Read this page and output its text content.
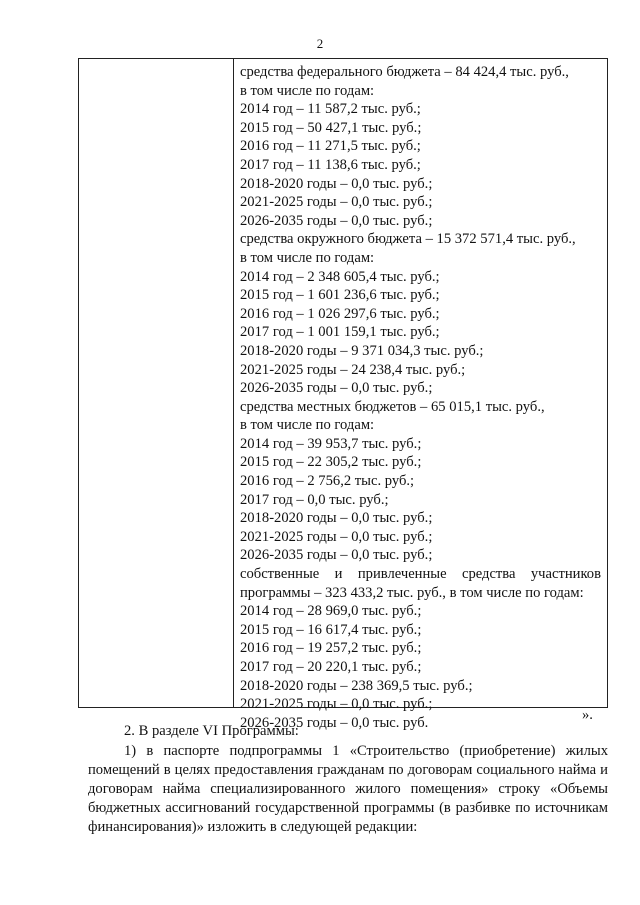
2
средства федерального бюджета – 84 424,4 тыс. руб.,
в том числе по годам:
2014 год – 11 587,2 тыс. руб.;
2015 год – 50 427,1 тыс. руб.;
2016 год – 11 271,5 тыс. руб.;
2017 год – 11 138,6 тыс. руб.;
2018-2020 годы – 0,0 тыс. руб.;
2021-2025 годы – 0,0 тыс. руб.;
2026-2035 годы – 0,0 тыс. руб.;
средства окружного бюджета – 15 372 571,4 тыс. руб.,
в том числе по годам:
2014 год – 2 348 605,4 тыс. руб.;
2015 год – 1 601 236,6 тыс. руб.;
2016 год – 1 026 297,6 тыс. руб.;
2017 год – 1 001 159,1 тыс. руб.;
2018-2020 годы – 9 371 034,3 тыс. руб.;
2021-2025 годы – 24 238,4 тыс. руб.;
2026-2035 годы – 0,0 тыс. руб.;
средства местных бюджетов – 65 015,1 тыс. руб.,
в том числе по годам:
2014 год – 39 953,7 тыс. руб.;
2015 год – 22 305,2 тыс. руб.;
2016 год – 2 756,2 тыс. руб.;
2017 год – 0,0 тыс. руб.;
2018-2020 годы – 0,0 тыс. руб.;
2021-2025 годы – 0,0 тыс. руб.;
2026-2035 годы – 0,0 тыс. руб.;
собственные и привлеченные средства участников программы – 323 433,2 тыс. руб., в том числе по годам:
2014 год – 28 969,0 тыс. руб.;
2015 год – 16 617,4 тыс. руб.;
2016 год – 19 257,2 тыс. руб.;
2017 год – 20 220,1 тыс. руб.;
2018-2020 годы – 238 369,5 тыс. руб.;
2021-2025 годы – 0,0 тыс. руб.;
2026-2035 годы – 0,0 тыс. руб.	».
2. В разделе VI Программы:
1) в паспорте подпрограммы 1 «Строительство (приобретение) жилых помещений в целях предоставления гражданам по договорам социального найма и договорам найма специализированного жилого помещения» строку «Объемы бюджетных ассигнований государственной программы (в разбивке по источникам финансирования)» изложить в следующей редакции:
